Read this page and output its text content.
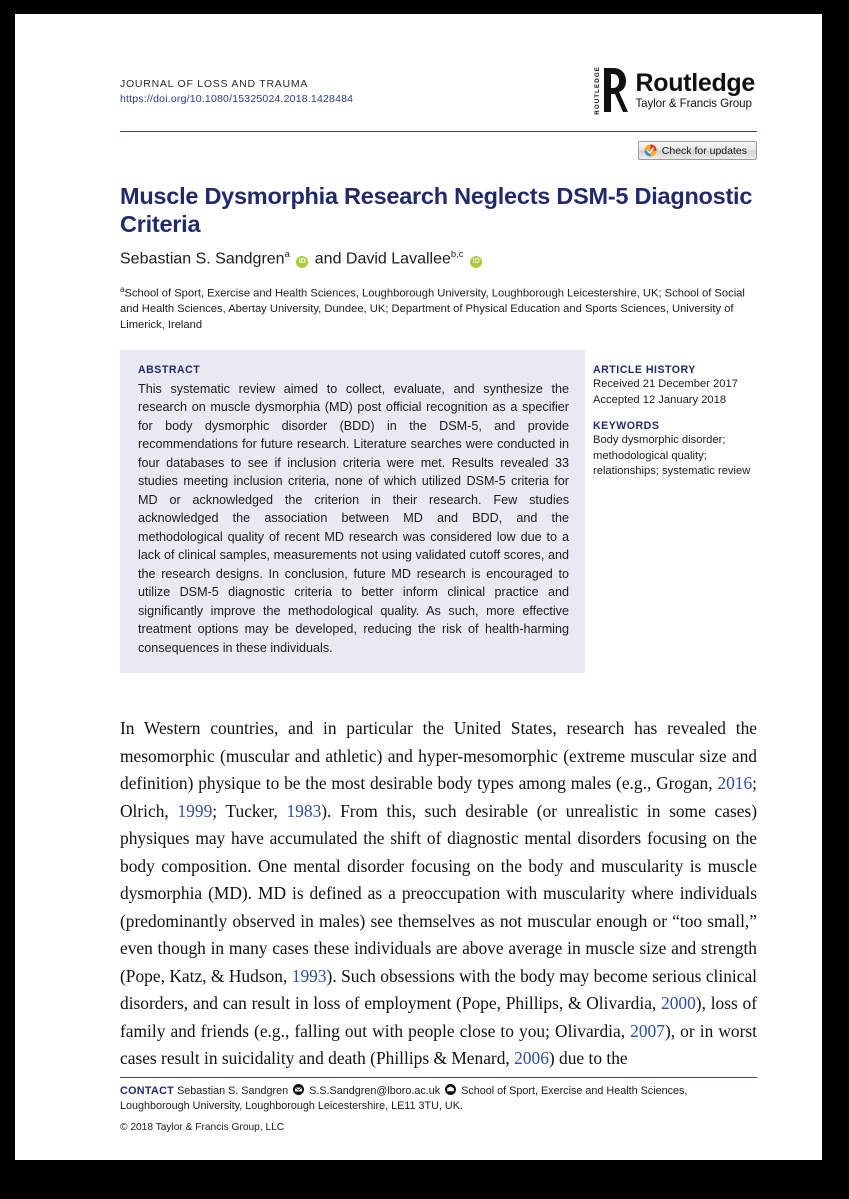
JOURNAL OF LOSS AND TRAUMA
https://doi.org/10.1080/15325024.2018.1428484	ROUTLEDGE Routledge
Taylor & Francis Group
Check for updates
Muscle Dysmorphia Research Neglects DSM-5 Diagnostic Criteria
Sebastian S. Sandgren$^a$ iD and David Lavallee$^{b,c}$ iD
$^a$School of Sport, Exercise and Health Sciences, Loughborough University, Loughborough Leicestershire, UK; School of Social and Health Sciences, Abertay University, Dundee, UK; Department of Physical Education and Sports Sciences, University of Limerick, Ireland
ABSTRACT
This systematic review aimed to collect, evaluate, and synthesize the research on muscle dysmorphia (MD) post official recognition as a specifier for body dysmorphic disorder (BDD) in the DSM-5, and provide recommendations for future research. Literature searches were conducted in four databases to see if inclusion criteria were met. Results revealed 33 studies meeting inclusion criteria, none of which utilized DSM-5 criteria for MD or acknowledged the criterion in their research. Few studies acknowledged the association between MD and BDD, and the methodological quality of recent MD research was considered low due to a lack of clinical samples, measurements not using validated cutoff scores, and the research designs. In conclusion, future MD research is encouraged to utilize DSM-5 diagnostic criteria to better inform clinical practice and significantly improve the methodological quality. As such, more effective treatment options may be developed, reducing the risk of health-harming consequences in these individuals.
ARTICLE HISTORY
Received 21 December 2017
Accepted 12 January 2018
KEYWORDS
Body dysmorphic disorder; methodological quality; relationships; systematic review
In Western countries, and in particular the United States, research has revealed the mesomorphic (muscular and athletic) and hyper-mesomorphic (extreme muscular size and definition) physique to be the most desirable body types among males (e.g., Grogan, 2016; Olrich, 1999; Tucker, 1983). From this, such desirable (or unrealistic in some cases) physiques may have accumulated the shift of diagnostic mental disorders focusing on the body composition. One mental disorder focusing on the body and muscularity is muscle dysmorphia (MD). MD is defined as a preoccupation with muscularity where individuals (predominantly observed in males) see themselves as not muscular enough or “too small,” even though in many cases these individuals are above average in muscle size and strength (Pope, Katz, & Hudson, 1993). Such obsessions with the body may become serious clinical disorders, and can result in loss of employment (Pope, Phillips, & Olivardia, 2000), loss of family and friends (e.g., falling out with people close to you; Olivardia, 2007), or in worst cases result in suicidality and death (Phillips & Menard, 2006) due to the
CONTACT Sebastian S. Sandgren S.S.Sandgren@lboro.ac.uk School of Sport, Exercise and Health Sciences, Loughborough University, Loughborough Leicestershire, LE11 3TU, UK.
© 2018 Taylor & Francis Group, LLC
